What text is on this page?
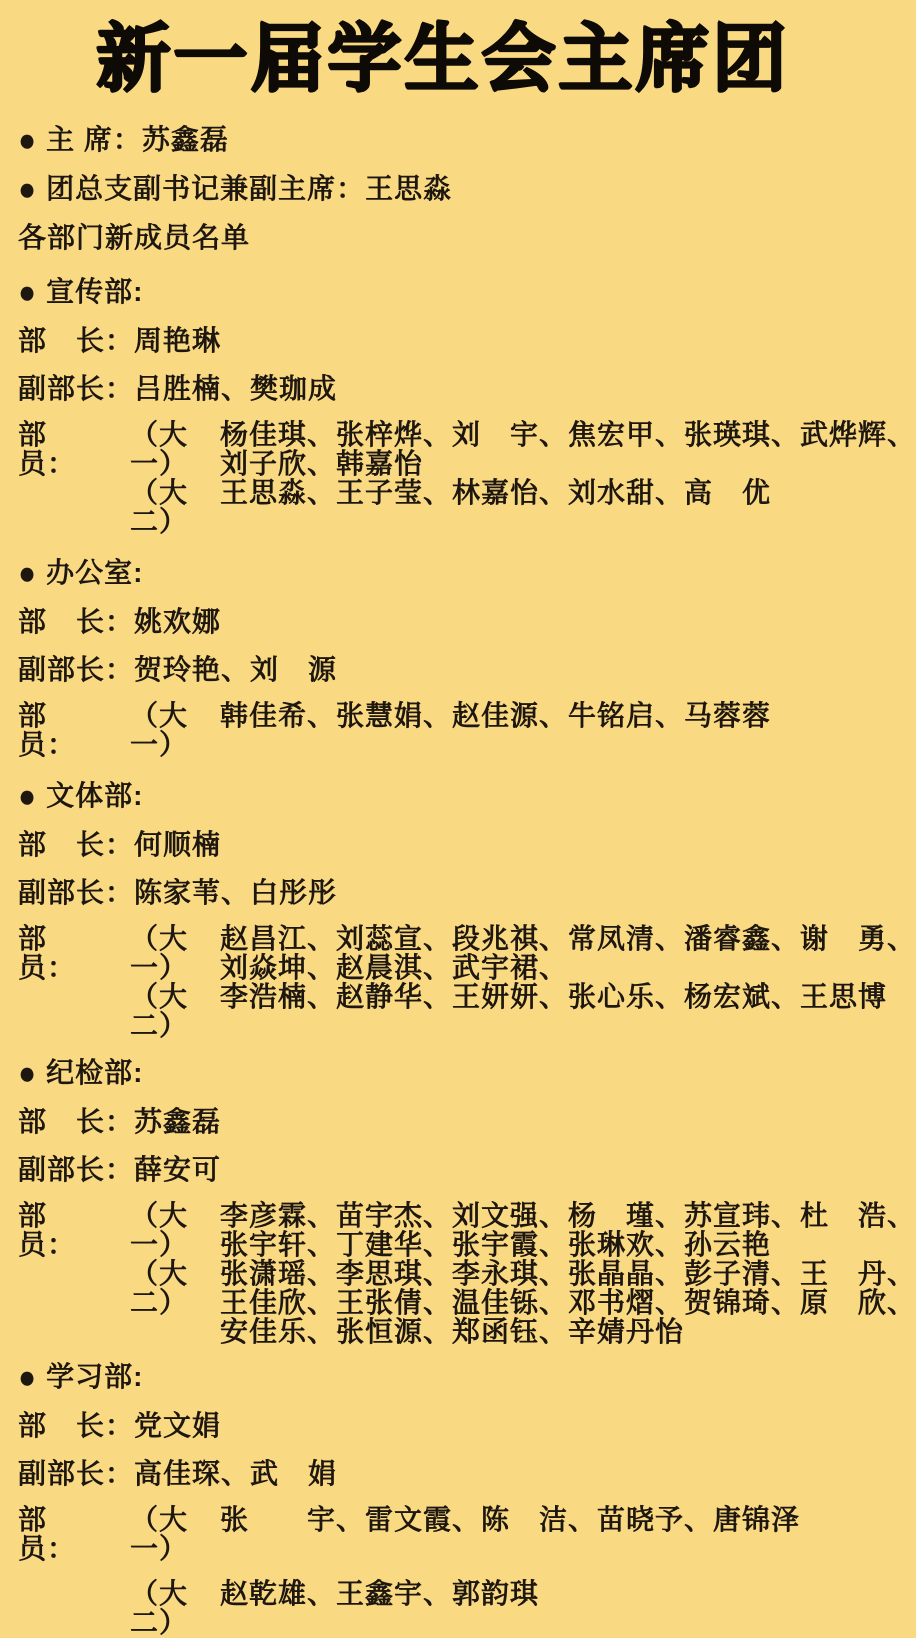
新一届学生会主席团
● 主 席：苏鑫磊
● 团总支副书记兼副主席：王思淼
各部门新成员名单
● 宣传部:
部　长：周艳琳
副部长：吕胜楠、樊珈成
部　员：
（大一）
杨佳琪、张梓烨、刘　宇、焦宏甲、张瑛琪、武烨辉、
刘子欣、韩嘉怡
（大二）
王思淼、王子莹、林嘉怡、刘水甜、高　优
● 办公室:
部　长：姚欢娜
副部长：贺玲艳、刘　源
部　员：
（大一）
韩佳希、张慧娟、赵佳源、牛铭启、马蓉蓉
● 文体部:
部　长：何顺楠
副部长：陈家苇、白彤彤
部　员：
（大一）
赵昌江、刘蕊宣、段兆祺、常凤清、潘睿鑫、谢　勇、
刘焱坤、赵晨淇、武宇裙、
（大二）
李浩楠、赵静华、王妍妍、张心乐、杨宏斌、王思博
● 纪检部:
部　长：苏鑫磊
副部长：薛安可
部　员：
（大一）
李彦霖、苗宇杰、刘文强、杨　瑾、苏宣玮、杜　浩、
张宇轩、丁建华、张宇霞、张琳欢、孙云艳
（大二）
张潇瑶、李思琪、李永琪、张晶晶、彭子清、王　丹、
王佳欣、王张倩、温佳铄、邓书熠、贺锦琦、原　欣、
安佳乐、张恒源、郑函钰、辛婧丹怡
● 学习部:
部　长：党文娟
副部长：高佳琛、武　娟
部　员：
（大一）
张　　宇、雷文霞、陈　洁、苗晓予、唐锦泽
（大二）
赵乾雄、王鑫宇、郭韵琪
